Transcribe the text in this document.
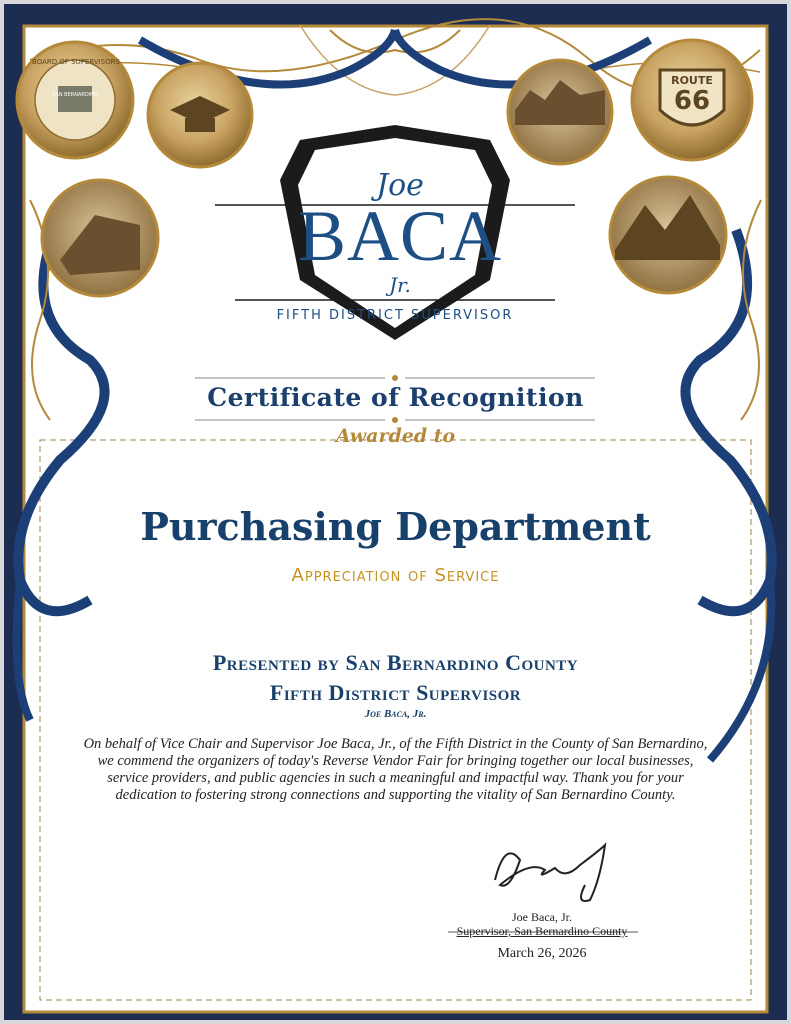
BOARD OF SUPERVISORS
SAN BERNARDINO
ROUTE
66
Joe
BACA
Jr.
FIFTH DISTRICT SUPERVISOR
Certificate of Recognition
Awarded to
Purchasing Department
Appreciation of Service
Presented by San Bernardino County
Fifth District Supervisor
Joe Baca, Jr.
On behalf of Vice Chair and Supervisor Joe Baca, Jr., of the Fifth District in the County of San Bernardino, we commend the organizers of today's Reverse Vendor Fair for bringing together our local businesses, service providers, and public agencies in such a meaningful and impactful way. Thank you for your dedication to fostering strong connections and supporting the vitality of San Bernardino County.
Joe Baca, Jr.
Supervisor, San Bernardino County
March 26, 2026
